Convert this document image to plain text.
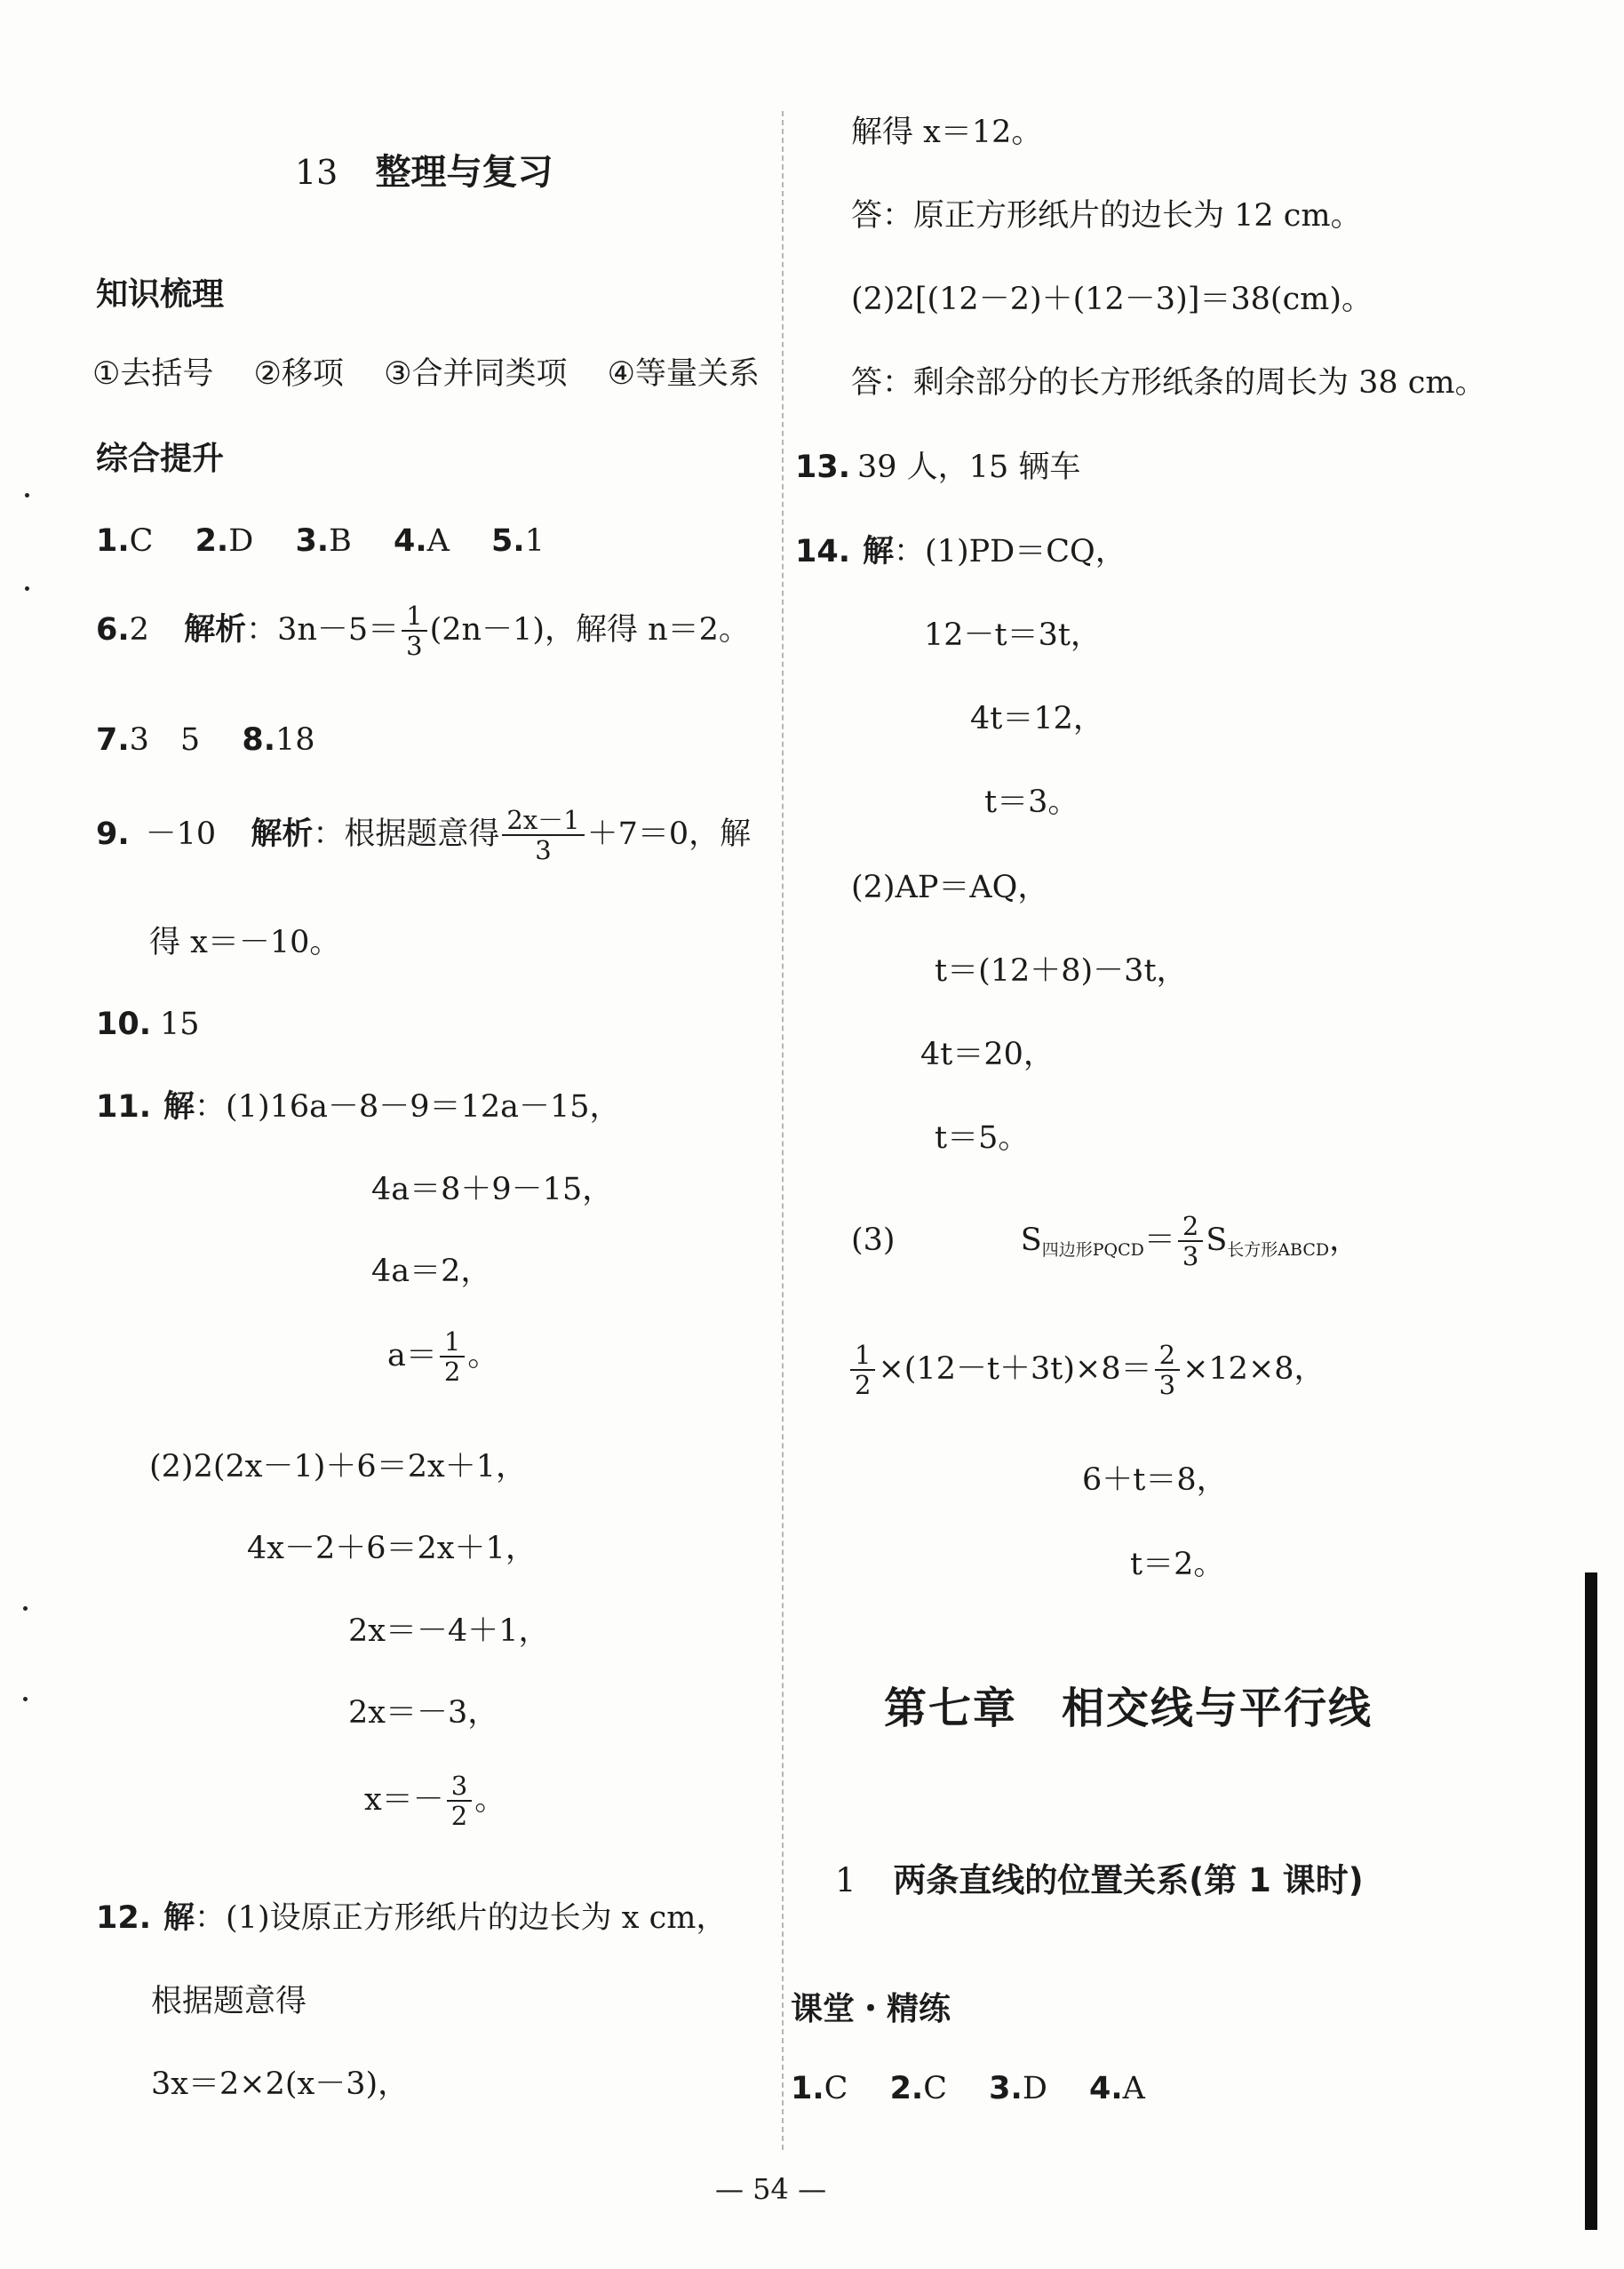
13 整理与复习
知识梳理
①去括号 ②移项 ③合并同类项 ④等量关系
综合提升
1.C 2.D 3.B 4.A 5.1
6.2 解析：$3n-5= \frac{1}{3} (2n-1)$，解得 n＝2。
7.3　5 8.18
9. －10 解析：根据题意得 $\frac{2x-1}{3} +7=0$，解
得 x＝－10。
10. 15
11. 解：(1)16a－8－9＝12a－15，
4a＝8＋9－15，
4a＝2，
$a= \frac{1}{2}$ 。
(2)2(2x－1)＋6＝2x＋1，
4x－2＋6＝2x＋1，
2x＝－4＋1，
2x＝－3，
$x=- \frac{3}{2}$ 。
12. 解：(1)设原正方形纸片的边长为 x cm，
根据题意得
3x＝2×2(x－3)，
解得 x＝12。
答：原正方形纸片的边长为 12 cm。
(2)2[(12－2)＋(12－3)]＝38(cm)。
答：剩余部分的长方形纸条的周长为 38 cm。
13. 39 人，15 辆车
14. 解：(1)PD＝CQ，
12－t＝3t，
4t＝12，
t＝3。
(2)AP＝AQ，
t＝(12＋8)－3t，
4t＝20，
t＝5。
(3)	$S_{四边形PQCD}= \frac{2}{3} S_{长方形ABCD}$，
$\frac{1}{2} \times(12-t+3t)\times 8= \frac{2}{3} \times 12\times 8$，
6＋t＝8，
t＝2。
第七章　相交线与平行线
1 两条直线的位置关系(第 1 课时)
课堂・精练
1.C 2.C 3.D 4.A
— 54 —
